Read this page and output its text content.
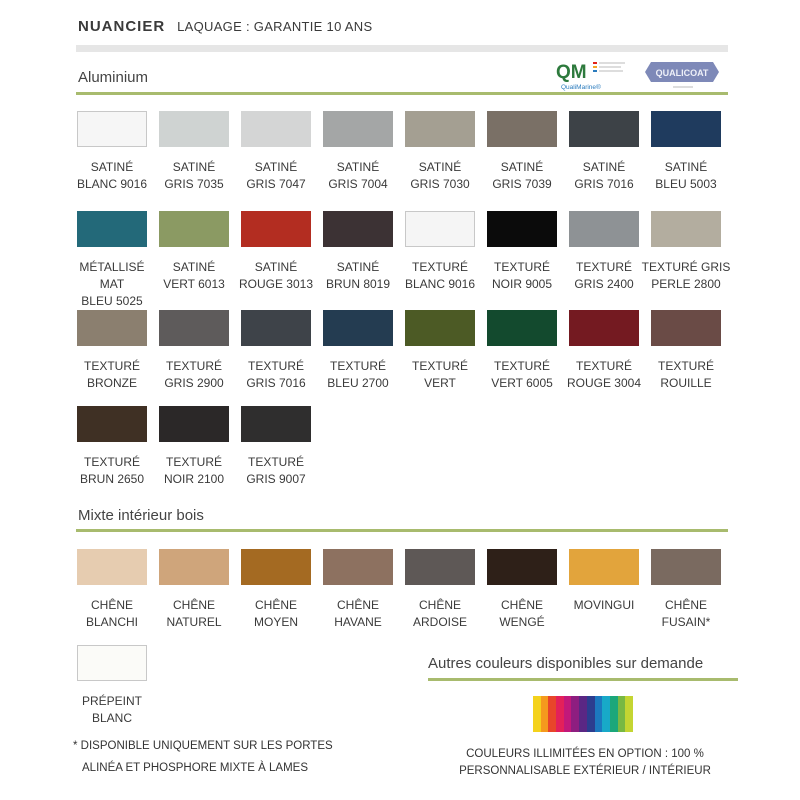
NUANCIER LAQUAGE : GARANTIE 10 ANS
Aluminium	QM
QualiMarine®
QUALICOAT
SATINÉ
BLANC 9016
SATINÉ
GRIS 7035
SATINÉ
GRIS 7047
SATINÉ
GRIS 7004
SATINÉ
GRIS 7030
SATINÉ
GRIS 7039
SATINÉ
GRIS 7016
SATINÉ
BLEU 5003
MÉTALLISÉ MAT
BLEU 5025
SATINÉ
VERT 6013
SATINÉ
ROUGE 3013
SATINÉ
BRUN 8019
TEXTURÉ
BLANC 9016
TEXTURÉ
NOIR 9005
TEXTURÉ
GRIS 2400
TEXTURÉ GRIS
PERLE 2800
TEXTURÉ
BRONZE
TEXTURÉ
GRIS 2900
TEXTURÉ
GRIS 7016
TEXTURÉ
BLEU 2700
TEXTURÉ
VERT
TEXTURÉ
VERT 6005
TEXTURÉ
ROUGE 3004
TEXTURÉ
ROUILLE
TEXTURÉ
BRUN 2650
TEXTURÉ
NOIR 2100
TEXTURÉ
GRIS 9007
Mixte intérieur bois
CHÊNE
BLANCHI
CHÊNE
NATUREL
CHÊNE
MOYEN
CHÊNE
HAVANE
CHÊNE
ARDOISE
CHÊNE
WENGÉ
MOVINGUI	CHÊNE
FUSAIN*
PRÉPEINT
BLANC
* DISPONIBLE UNIQUEMENT SUR LES PORTES
ALINÉA ET PHOSPHORE MIXTE À LAMES
Autres couleurs disponibles sur demande
COULEURS ILLIMITÉES EN OPTION : 100 %
PERSONNALISABLE EXTÉRIEUR / INTÉRIEUR
